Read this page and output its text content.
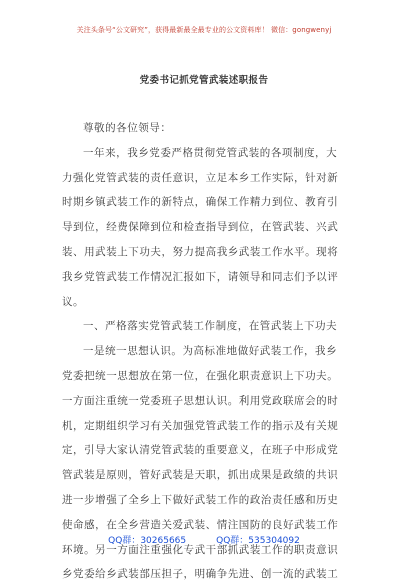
关注头条号“公文研究”，获得最新最全最专业的公文资料库！ 微信：gongwenyj
党委书记抓党管武装述职报告
尊敬的各位领导：
一年来，我乡党委严格贯彻党管武装的各项制度，大
力强化党管武装的责任意识，立足本乡工作实际，针对新
时期乡镇武装工作的新特点，确保工作精力到位、教育引
导到位，经费保障到位和检查指导到位，在管武装、兴武
装、用武装上下功夫，努力提高我乡武装工作水平。现将
我乡党管武装工作情况汇报如下，请领导和同志们予以评
议。
一、严格落实党管武装工作制度，在管武装上下功夫
一是统一思想认识。为高标准地做好武装工作，我乡
党委把统一思想放在第一位，在强化职责意识上下功夫。
一方面注重统一党委班子思想认识。利用党政联席会的时
机，定期组织学习有关加强党管武装工作的指示及有关规
定，引导大家认清党管武装的重要意义，在班子中形成党
管武装是原则，管好武装是天职，抓出成果是政绩的共识
进一步增强了全乡上下做好武装工作的政治责任感和历史
使命感，在全乡营造关爱武装、情注国防的良好武装工作
环境。另一方面注重强化专武干部抓武装工作的职责意识
乡党委给乡武装部压担子，明确争先进、创一流的武装工
QQ群：30265665	QQ群：535304092
